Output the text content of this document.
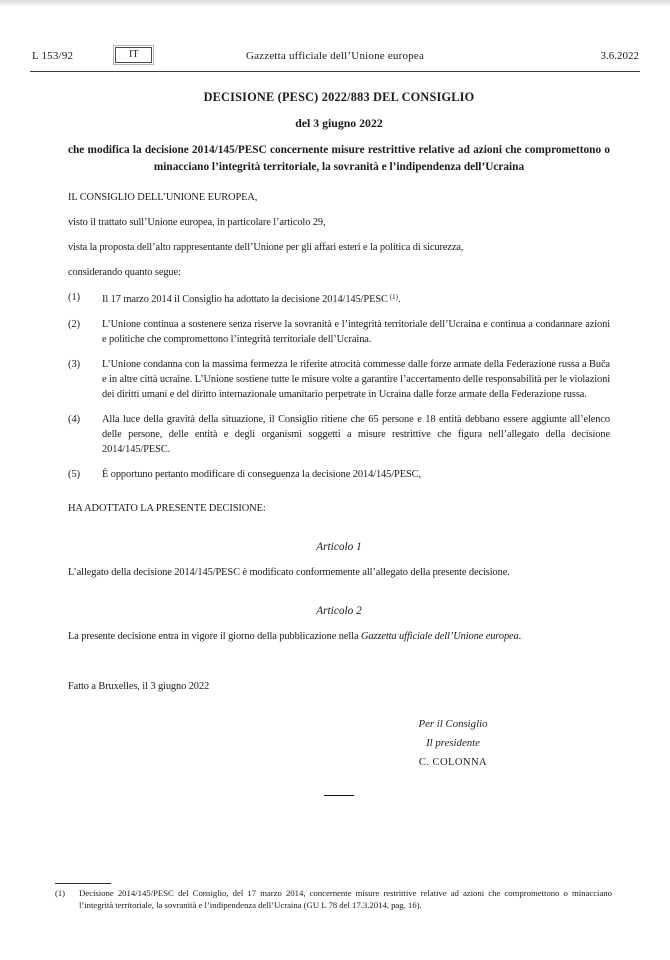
L 153/92	IT	Gazzetta ufficiale dell’Unione europea	3.6.2022
DECISIONE (PESC) 2022/883 DEL CONSIGLIO
del 3 giugno 2022
che modifica la decisione 2014/145/PESC concernente misure restrittive relative ad azioni che compromettono o minacciano l’integrità territoriale, la sovranità e l’indipendenza dell’Ucraina

IL CONSIGLIO DELL’UNIONE EUROPEA,

visto il trattato sull’Unione europea, in particolare l’articolo 29,

vista la proposta dell’alto rappresentante dell’Unione per gli affari esteri e la politica di sicurezza,

considerando quanto segue:

(1)	Il 17 marzo 2014 il Consiglio ha adottato la decisione 2014/145/PESC $^{(1)}$.

(2)	L’Unione continua a sostenere senza riserve la sovranità e l’integrità territoriale dell’Ucraina e continua a condannare azioni e politiche che compromettono l’integrità territoriale dell’Ucraina.

(3)	L’Unione condanna con la massima fermezza le riferite atrocità commesse dalle forze armate della Federazione russa a Buča e in altre città ucraine. L’Unione sostiene tutte le misure volte a garantire l’accertamento delle responsabilità per le violazioni dei diritti umani e del diritto internazionale umanitario perpetrate in Ucraina dalle forze armate della Federazione russa.

(4)	Alla luce della gravità della situazione, il Consiglio ritiene che 65 persone e 18 entità debbano essere aggiunte all’elenco delle persone, delle entità e degli organismi soggetti a misure restrittive che figura nell’allegato della decisione 2014/145/PESC.

(5)	È opportuno pertanto modificare di conseguenza la decisione 2014/145/PESC,

HA ADOTTATO LA PRESENTE DECISIONE:

Articolo 1

L’allegato della decisione 2014/145/PESC è modificato conformemente all’allegato della presente decisione.

Articolo 2

La presente decisione entra in vigore il giorno della pubblicazione nella Gazzetta ufficiale dell’Unione europea.

Fatto a Bruxelles, il 3 giugno 2022

Per il Consiglio
Il presidente
C. COLONNA
(1)	Decisione 2014/145/PESC del Consiglio, del 17 marzo 2014, concernente misure restrittive relative ad azioni che compromettono o minacciano l’integrità territoriale, la sovranità e l’indipendenza dell’Ucraina (GU L 78 del 17.3.2014, pag. 16).
